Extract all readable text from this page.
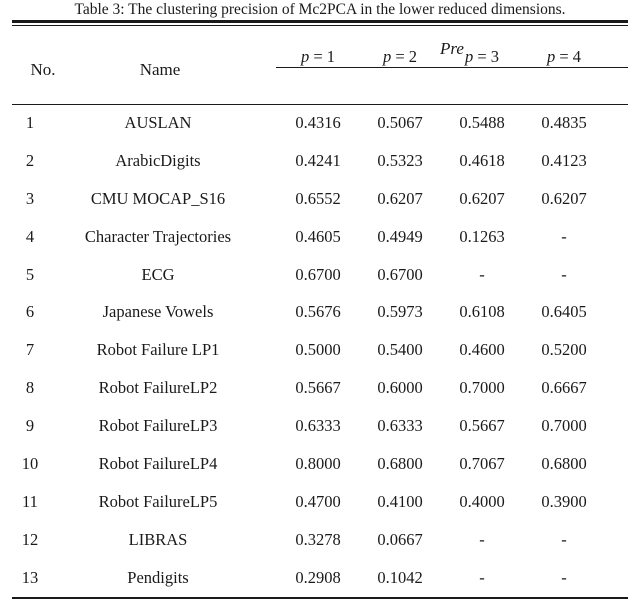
Table 3: The clustering precision of Mc2PCA in the lower reduced dimensions.
No.	Name
Pre
p = 1	p = 2	p = 3	p = 4
1	AUSLAN	0.4316	0.5067	0.5488	0.4835
2	ArabicDigits	0.4241	0.5323	0.4618	0.4123
3	CMU MOCAP_S16	0.6552	0.6207	0.6207	0.6207
4	Character Trajectories	0.4605	0.4949	0.1263	-
5	ECG	0.6700	0.6700	-	-
6	Japanese Vowels	0.5676	0.5973	0.6108	0.6405
7	Robot Failure LP1	0.5000	0.5400	0.4600	0.5200
8	Robot FailureLP2	0.5667	0.6000	0.7000	0.6667
9	Robot FailureLP3	0.6333	0.6333	0.5667	0.7000
10	Robot FailureLP4	0.8000	0.6800	0.7067	0.6800
11	Robot FailureLP5	0.4700	0.4100	0.4000	0.3900
12	LIBRAS	0.3278	0.0667	-	-
13	Pendigits	0.2908	0.1042	-	-
